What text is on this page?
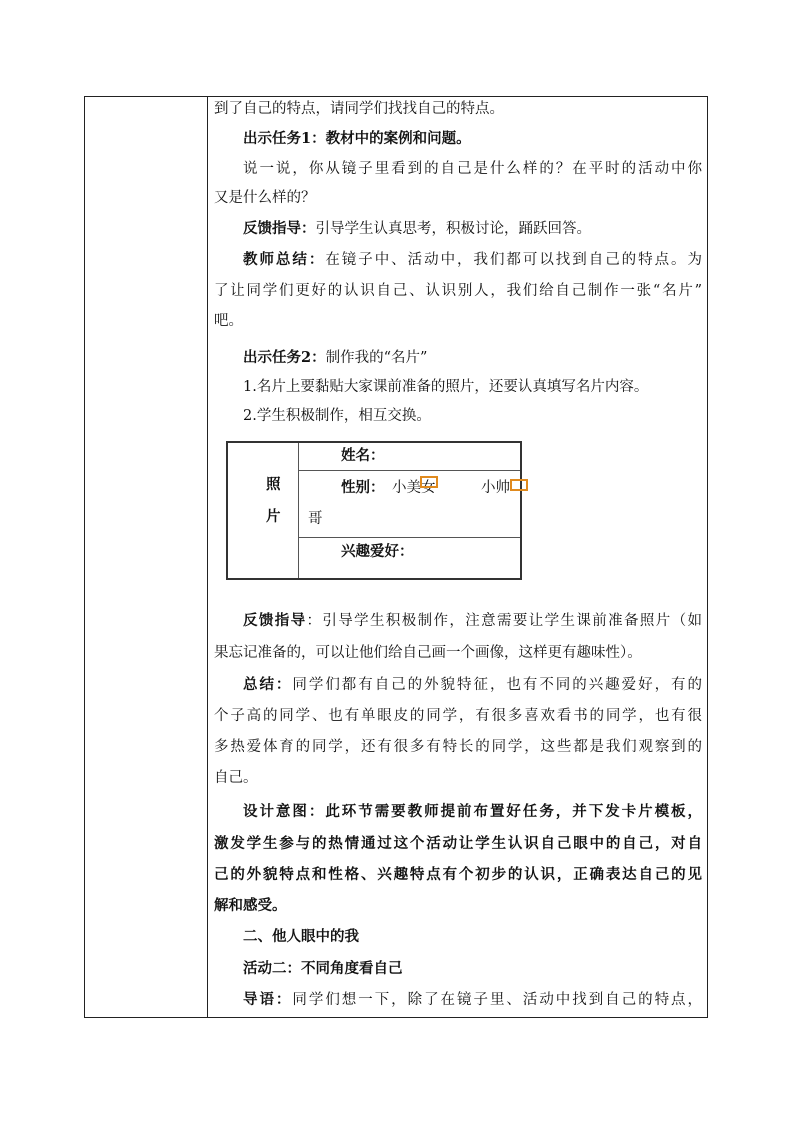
到了自己的特点，请同学们找找自己的特点。
出示任务1：教材中的案例和问题。
说一说，你从镜子里看到的自己是什么样的？在平时的活动中你
又是什么样的？
反馈指导：引导学生认真思考，积极讨论，踊跃回答。
教师总结：在镜子中、活动中，我们都可以找到自己的特点。为
了让同学们更好的认识自己、认识别人，我们给自己制作一张“名片”
吧。
出示任务2：制作我的“名片”
1.名片上要黏贴大家课前准备的照片，还要认真填写名片内容。
2.学生积极制作，相互交换。
反馈指导：引导学生积极制作，注意需要让学生课前准备照片（如
果忘记准备的，可以让他们给自己画一个画像，这样更有趣味性）。
总结：同学们都有自己的外貌特征，也有不同的兴趣爱好，有的
个子高的同学、也有单眼皮的同学，有很多喜欢看书的同学，也有很
多热爱体育的同学，还有很多有特长的同学，这些都是我们观察到的
自己。
设计意图：此环节需要教师提前布置好任务，并下发卡片模板，
激发学生参与的热情通过这个活动让学生认识自己眼中的自己，对自
己的外貌特点和性格、兴趣特点有个初步的认识，正确表达自己的见
解和感受。
二、他人眼中的我
活动二：不同角度看自己
导语：同学们想一下，除了在镜子里、活动中找到自己的特点，
照
片
姓名：
性别： 小美女	小帅
哥
兴趣爱好：
